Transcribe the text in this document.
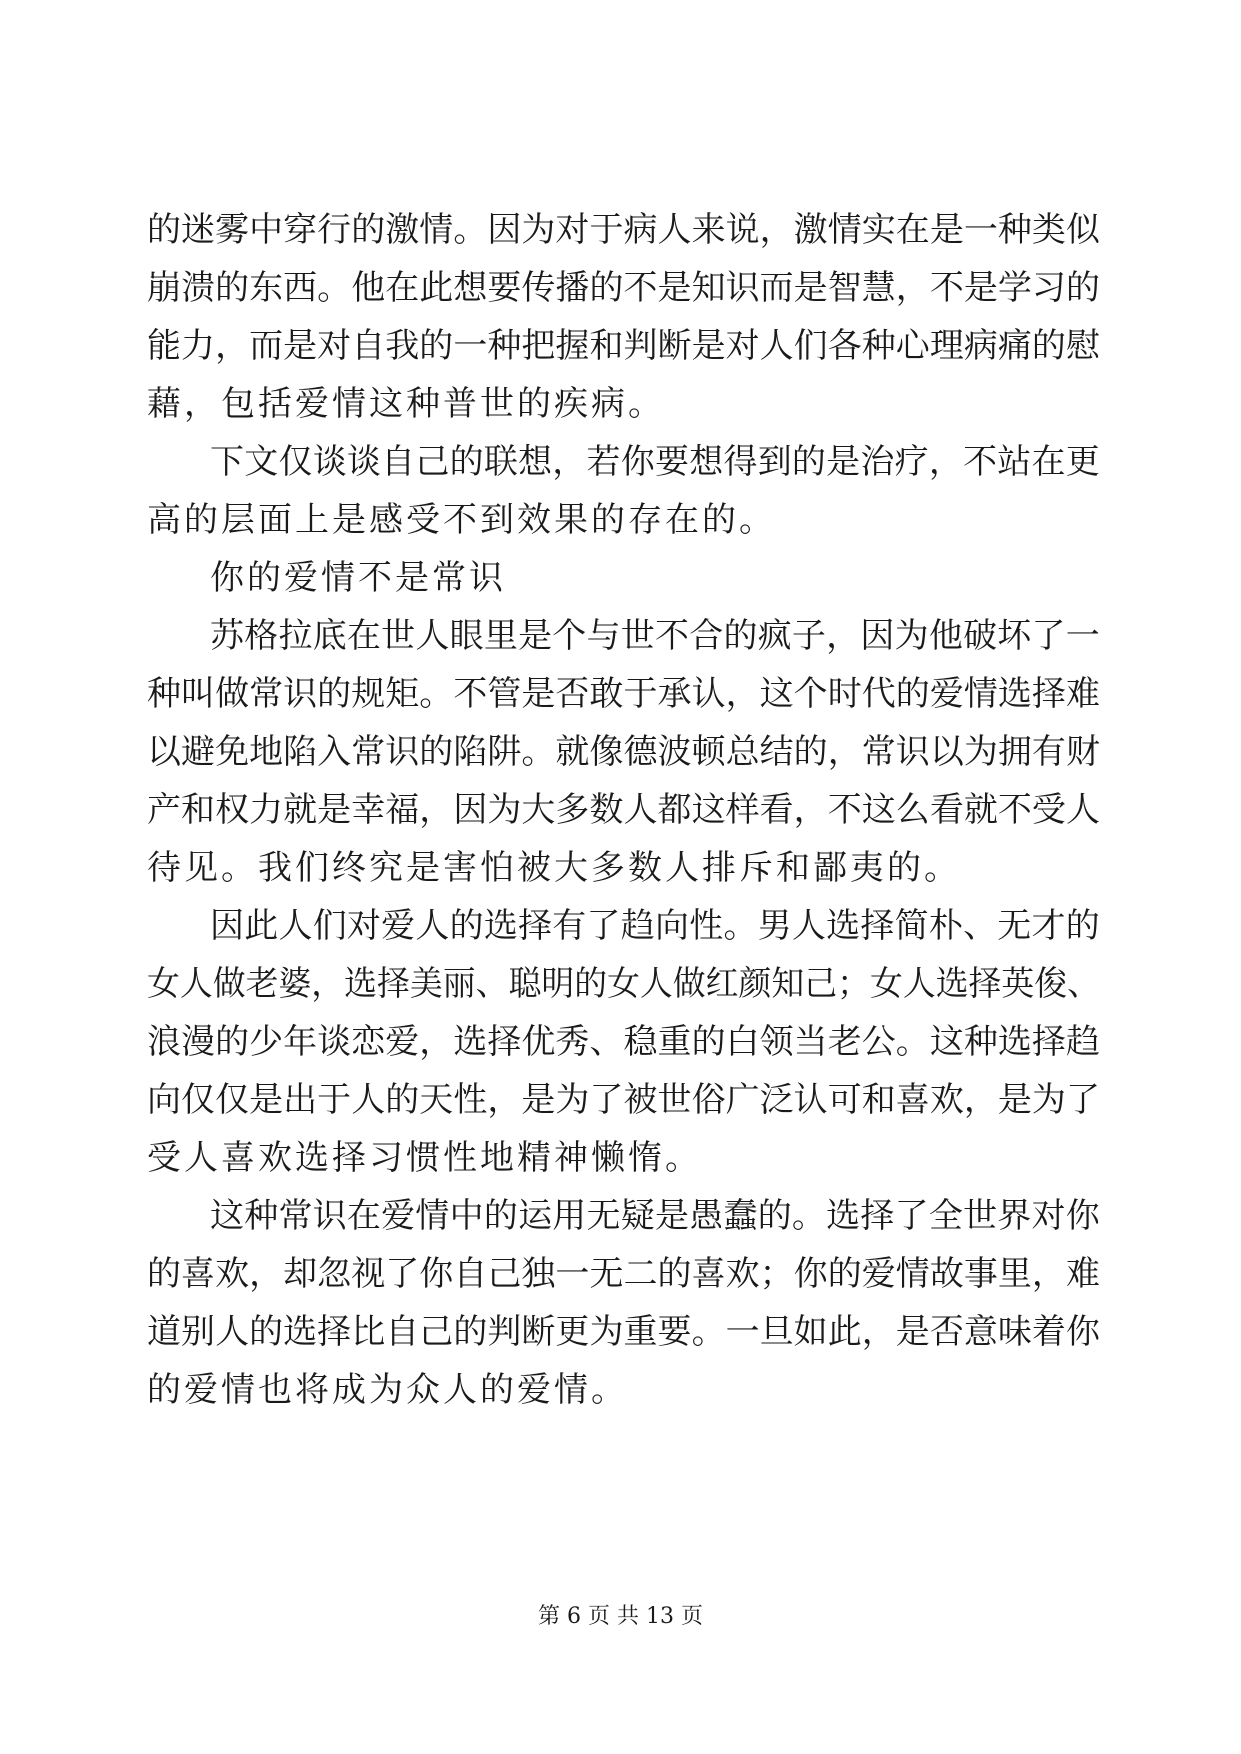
的迷雾中穿行的激情。因为对于病人来说，激情实在是一种类似
崩溃的东西。他在此想要传播的不是知识而是智慧，不是学习的
能力，而是对自我的一种把握和判断是对人们各种心理病痛的慰
藉，包括爱情这种普世的疾病。
下文仅谈谈自己的联想，若你要想得到的是治疗，不站在更
高的层面上是感受不到效果的存在的。
你的爱情不是常识
苏格拉底在世人眼里是个与世不合的疯子，因为他破坏了一
种叫做常识的规矩。不管是否敢于承认，这个时代的爱情选择难
以避免地陷入常识的陷阱。就像德波顿总结的，常识以为拥有财
产和权力就是幸福，因为大多数人都这样看，不这么看就不受人
待见。我们终究是害怕被大多数人排斥和鄙夷的。
因此人们对爱人的选择有了趋向性。男人选择简朴、无才的
女人做老婆，选择美丽、聪明的女人做红颜知己；女人选择英俊、
浪漫的少年谈恋爱，选择优秀、稳重的白领当老公。这种选择趋
向仅仅是出于人的天性，是为了被世俗广泛认可和喜欢，是为了
受人喜欢选择习惯性地精神懒惰。
这种常识在爱情中的运用无疑是愚蠢的。选择了全世界对你
的喜欢，却忽视了你自己独一无二的喜欢；你的爱情故事里，难
道别人的选择比自己的判断更为重要。一旦如此，是否意味着你
的爱情也将成为众人的爱情。
第 6 页 共 13 页
